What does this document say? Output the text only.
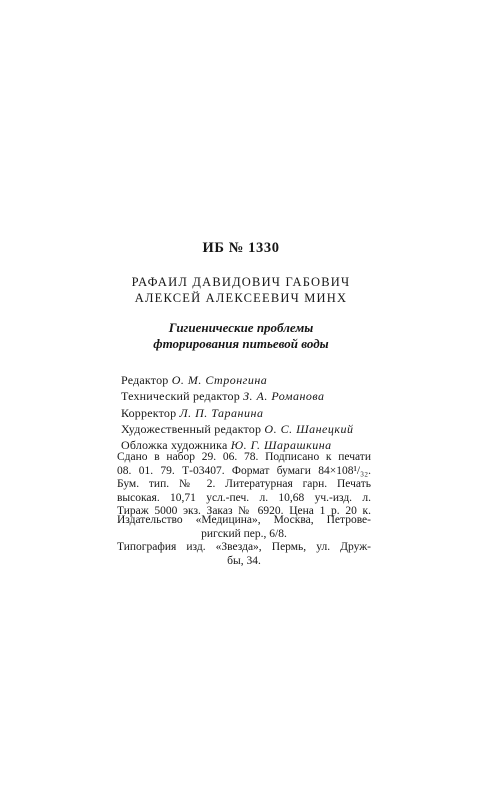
ИБ № 1330
РАФАИЛ ДАВИДОВИЧ ГАБОВИЧ
АЛЕКСЕЙ АЛЕКСЕЕВИЧ МИНХ
Гигиенические проблемы
фторирования питьевой воды
Редактор О. М. Стронгина
Технический редактор З. А. Романова
Корректор Л. П. Таранина
Художественный редактор О. С. Шанецкий
Обложка художника Ю. Г. Шарашкина
Сдано в набор 29. 06. 78. Подписано к печати
08. 01. 79. Т-03407. Формат бумаги 84×108¹/₃₂.
Бум. тип. № 2. Литературная гарн. Печать
высокая. 10,71 усл.-печ. л. 10,68 уч.-изд. л.
Тираж 5000 экз. Заказ № 6920. Цена 1 р. 20 к.
Издательство «Медицина», Москва, Петрове-
ригский пер., 6/8.
Типография изд. «Звезда», Пермь, ул. Друж-
бы, 34.
